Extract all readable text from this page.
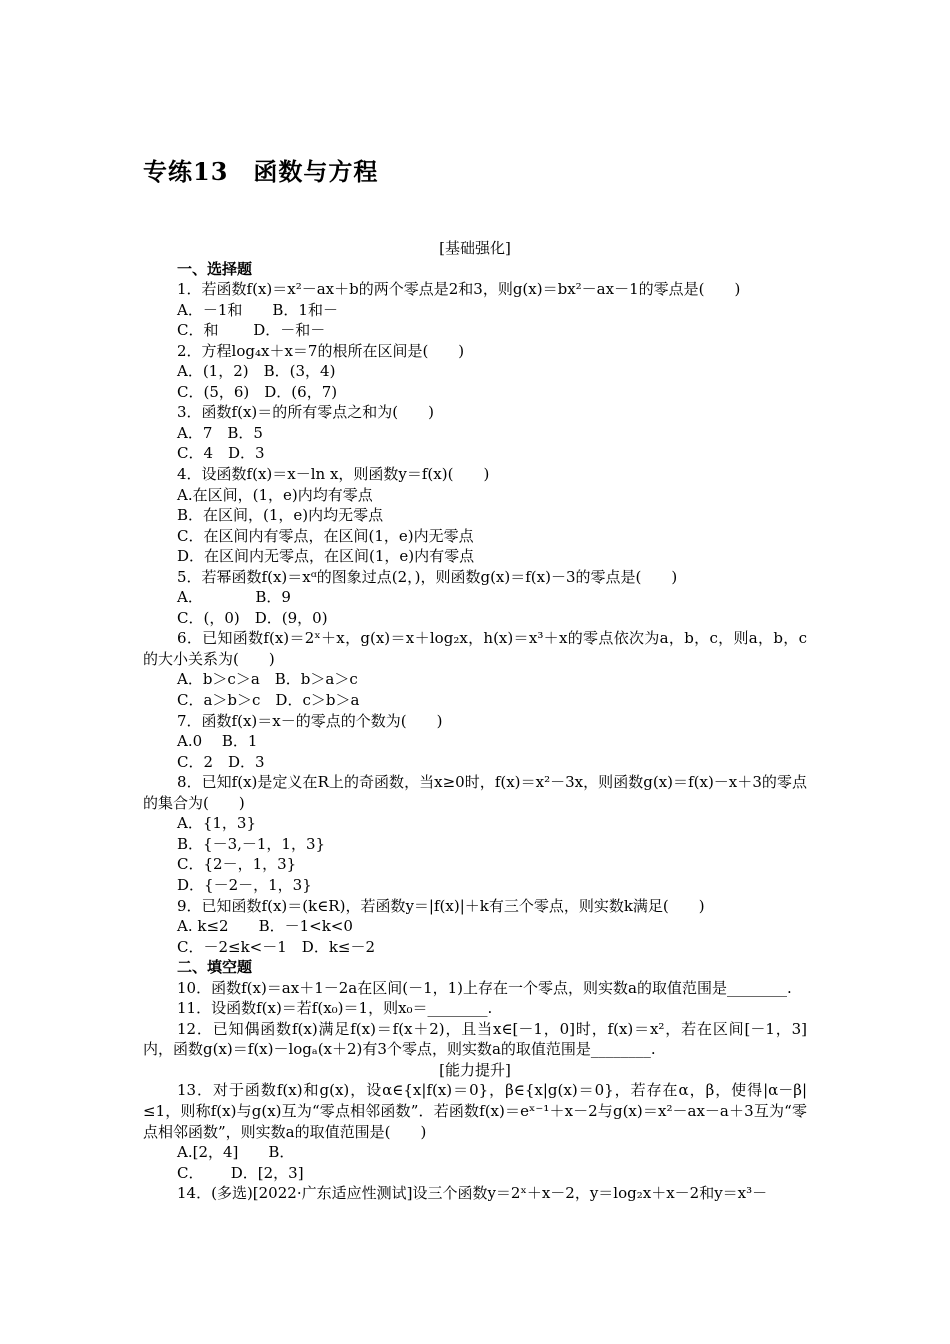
专练13　函数与方程
[基础强化]
一、选择题
1．若函数f(x)＝x²－ax＋b的两个零点是2和3，则g(x)＝bx²－ax－1的零点是(　　)
A．－1和　　B．1和－
C．和　　 D．－和－
2．方程log₄x＋x＝7的根所在区间是(　　)
A．(1，2)　B．(3，4)
C．(5，6)　D．(6，7)
3．函数f(x)＝的所有零点之和为(　　)
A．7　B．5
C．4　D．3
4．设函数f(x)＝x－ln x，则函数y＝f(x)(　　)
A.在区间，(1，e)内均有零点
B．在区间，(1，e)内均无零点
C．在区间内有零点，在区间(1，e)内无零点
D．在区间内无零点，在区间(1，e)内有零点
5．若幂函数f(x)＝xᵅ的图象过点(2，)，则函数g(x)＝f(x)－3的零点是(　　)
A．　　　　B．9
C．(，0)　D．(9，0)
6．已知函数f(x)＝2ˣ＋x，g(x)＝x＋log₂x，h(x)＝x³＋x的零点依次为a，b，c，则a，b，c的大小关系为(　　)
A．b＞c＞a　B．b＞a＞c
C．a＞b＞c　D．c＞b＞a
7．函数f(x)＝x－的零点的个数为(　　)
A.0　 B．1
C．2　D．3
8．已知f(x)是定义在R上的奇函数，当x≥0时，f(x)＝x²－3x，则函数g(x)＝f(x)－x＋3的零点的集合为(　　)
A．{1，3}
B．{－3,－1，1，3}
C．{2－，1，3}
D．{－2－，1，3}
9．已知函数f(x)＝(k∈R)，若函数y＝|f(x)|＋k有三个零点，则实数k满足(　　)
A. k≤2　　B．－1<k<0
C．－2≤k<－1　D．k≤－2
二、填空题
10．函数f(x)＝ax＋1－2a在区间(－1，1)上存在一个零点，则实数a的取值范围是________.
11．设函数f(x)＝若f(x₀)＝1，则x₀＝________.
12．已知偶函数f(x)满足f(x)＝f(x＋2)，且当x∈[－1，0]时，f(x)＝x²，若在区间[－1，3]内，函数g(x)＝f(x)－logₐ(x＋2)有3个零点，则实数a的取值范围是________.
[能力提升]
13．对于函数f(x)和g(x)，设α∈{x|f(x)＝0}，β∈{x|g(x)＝0}，若存在α，β，使得|α－β|≤1，则称f(x)与g(x)互为“零点相邻函数”．若函数f(x)＝eˣ⁻¹＋x－2与g(x)＝x²－ax－a＋3互为“零点相邻函数”，则实数a的取值范围是(　　)
A.[2，4]　　B．
C．　　 D．[2，3]
14．(多选)[2022·广东适应性测试]设三个函数y＝2ˣ＋x－2，y＝log₂x＋x－2和y＝x³－
